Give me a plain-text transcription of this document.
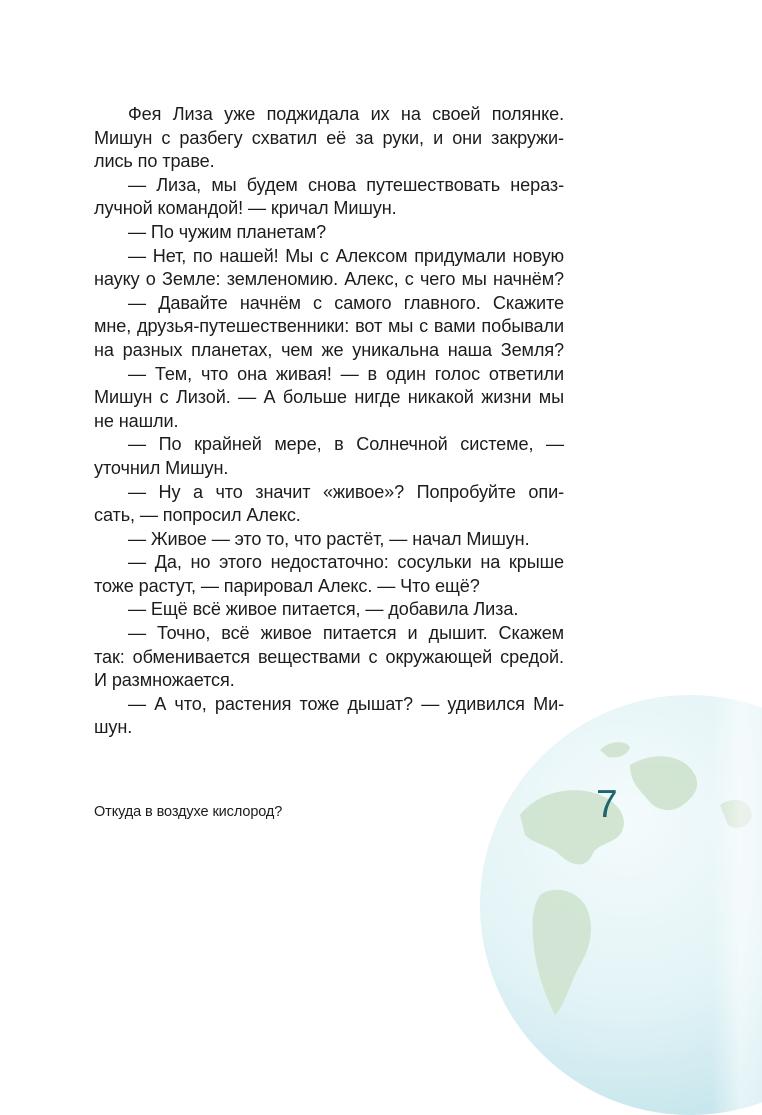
Фея Лиза уже поджидала их на своей полянке.
Мишун с разбегу схватил её за руки, и они закружи-
лись по траве.
— Лиза, мы будем снова путешествовать нераз-
лучной командой! — кричал Мишун.
— По чужим планетам?
— Нет, по нашей! Мы с Алексом придумали новую
науку о Земле: земленомию. Алекс, с чего мы начнём?
— Давайте начнём с самого главного. Скажите
мне, друзья-путешественники: вот мы с вами побывали
на разных планетах, чем же уникальна наша Земля?
— Тем, что она живая! — в один голос ответили
Мишун с Лизой. — А больше нигде никакой жизни мы
не нашли.
— По крайней мере, в Солнечной системе, —
уточнил Мишун.
— Ну а что значит «живое»? Попробуйте опи-
сать, — попросил Алекс.
— Живое — это то, что растёт, — начал Мишун.
— Да, но этого недостаточно: сосульки на крыше
тоже растут, — парировал Алекс. — Что ещё?
— Ещё всё живое питается, — добавила Лиза.
— Точно, всё живое питается и дышит. Скажем
так: обменивается веществами с окружающей средой.
И размножается.
— А что, растения тоже дышат? — удивился Ми-
шун.
Откуда в воздухе кислород?	7
